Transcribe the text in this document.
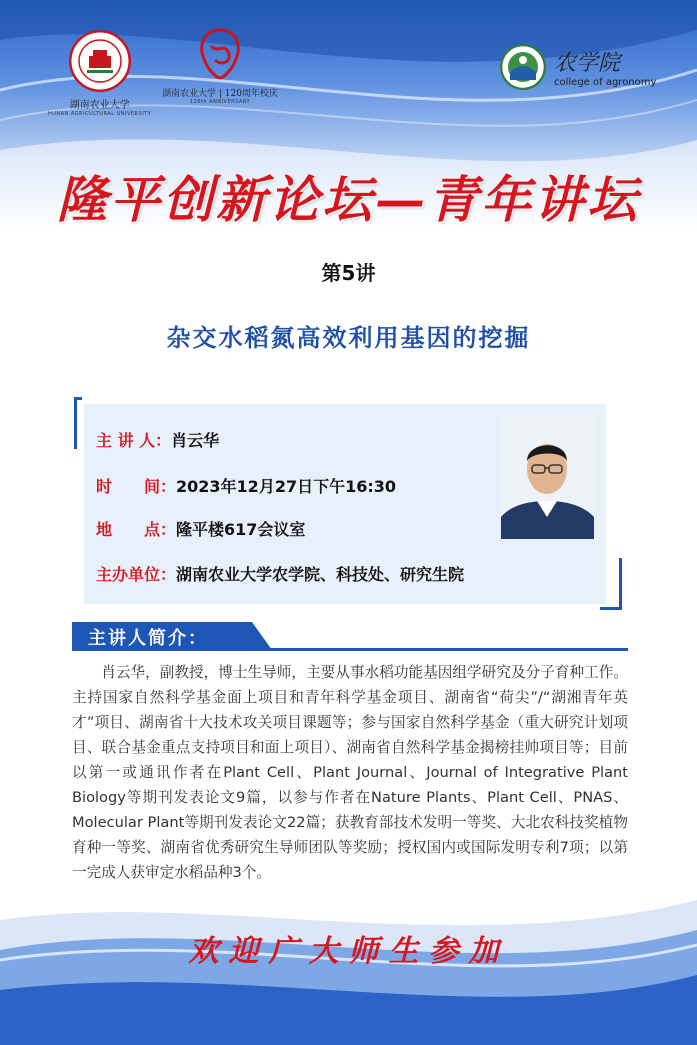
湖南农业大学
HUNAN AGRICULTURAL UNIVERSITY
湖南农业大学 | 120周年校庆
120th ANNIVERSARY
农学院
college of agronomy
隆平创新论坛—青年讲坛
第5讲
杂交水稻氮高效利用基因的挖掘
主 讲 人：肖云华
时　　间：2023年12月27日下午16:30
地　　点：隆平楼617会议室
主办单位：湖南农业大学农学院、科技处、研究生院
主讲人简介：
肖云华，副教授，博士生导师，主要从事水稻功能基因组学研究及分子育种工作。主持国家自然科学基金面上项目和青年科学基金项目、湖南省“荷尖”/“湖湘青年英才”项目、湖南省十大技术攻关项目课题等；参与国家自然科学基金（重大研究计划项目、联合基金重点支持项目和面上项目）、湖南省自然科学基金揭榜挂帅项目等；目前以第一或通讯作者在Plant Cell、Plant Journal、Journal of Integrative Plant Biology等期刊发表论文9篇，以参与作者在Nature Plants、Plant Cell、PNAS、Molecular Plant等期刊发表论文22篇；获教育部技术发明一等奖、大北农科技奖植物育种一等奖、湖南省优秀研究生导师团队等奖励；授权国内或国际发明专利7项；以第一完成人获审定水稻品种3个。
欢迎广大师生参加
